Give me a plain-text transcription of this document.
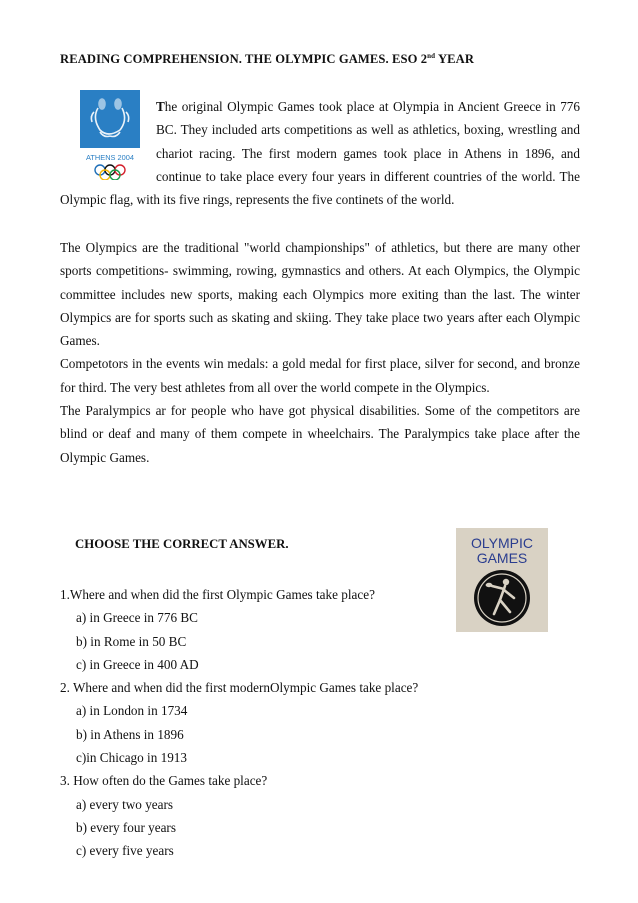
READING COMPREHENSION. THE OLYMPIC GAMES. ESO 2nd YEAR
ATHENS 2004
The original Olympic Games took place at Olympia in Ancient Greece in 776 BC. They included arts competitions as well as athletics, boxing, wrestling and chariot racing. The first modern games took place in Athens in 1896, and continue to take place every four years in different countries of the world. The Olympic flag, with its five rings, represents the five continets of the world.

The Olympics are the traditional "world championships" of athletics, but there are many other sports competitions- swimming, rowing, gymnastics and others. At each Olympics, the Olympic committee includes new sports, making each Olympics more exiting than the last. The winter Olympics are for sports such as skating and skiing. They take place two years after each Olympic Games.

Competotors in the events win medals: a gold medal for first place, silver for second, and bronze for third. The very best athletes from all over the world compete in the Olympics.

The Paralympics ar for people who have got physical disabilities. Some of the competitors are blind or deaf and many of them compete in wheelchairs. The Paralympics take place after the Olympic Games.

CHOOSE THE CORRECT ANSWER.	OLYMPIC
GAMES

1.Where and when did the first Olympic Games take place?

a) in Greece in 776 BC

b) in Rome in 50 BC

c) in Greece in 400 AD

2. Where and when did the first modernOlympic Games take place?

a) in London in 1734

b) in Athens in 1896

c)in Chicago in 1913

3. How often do the Games take place?

a) every two years

b) every four years

c) every five years
